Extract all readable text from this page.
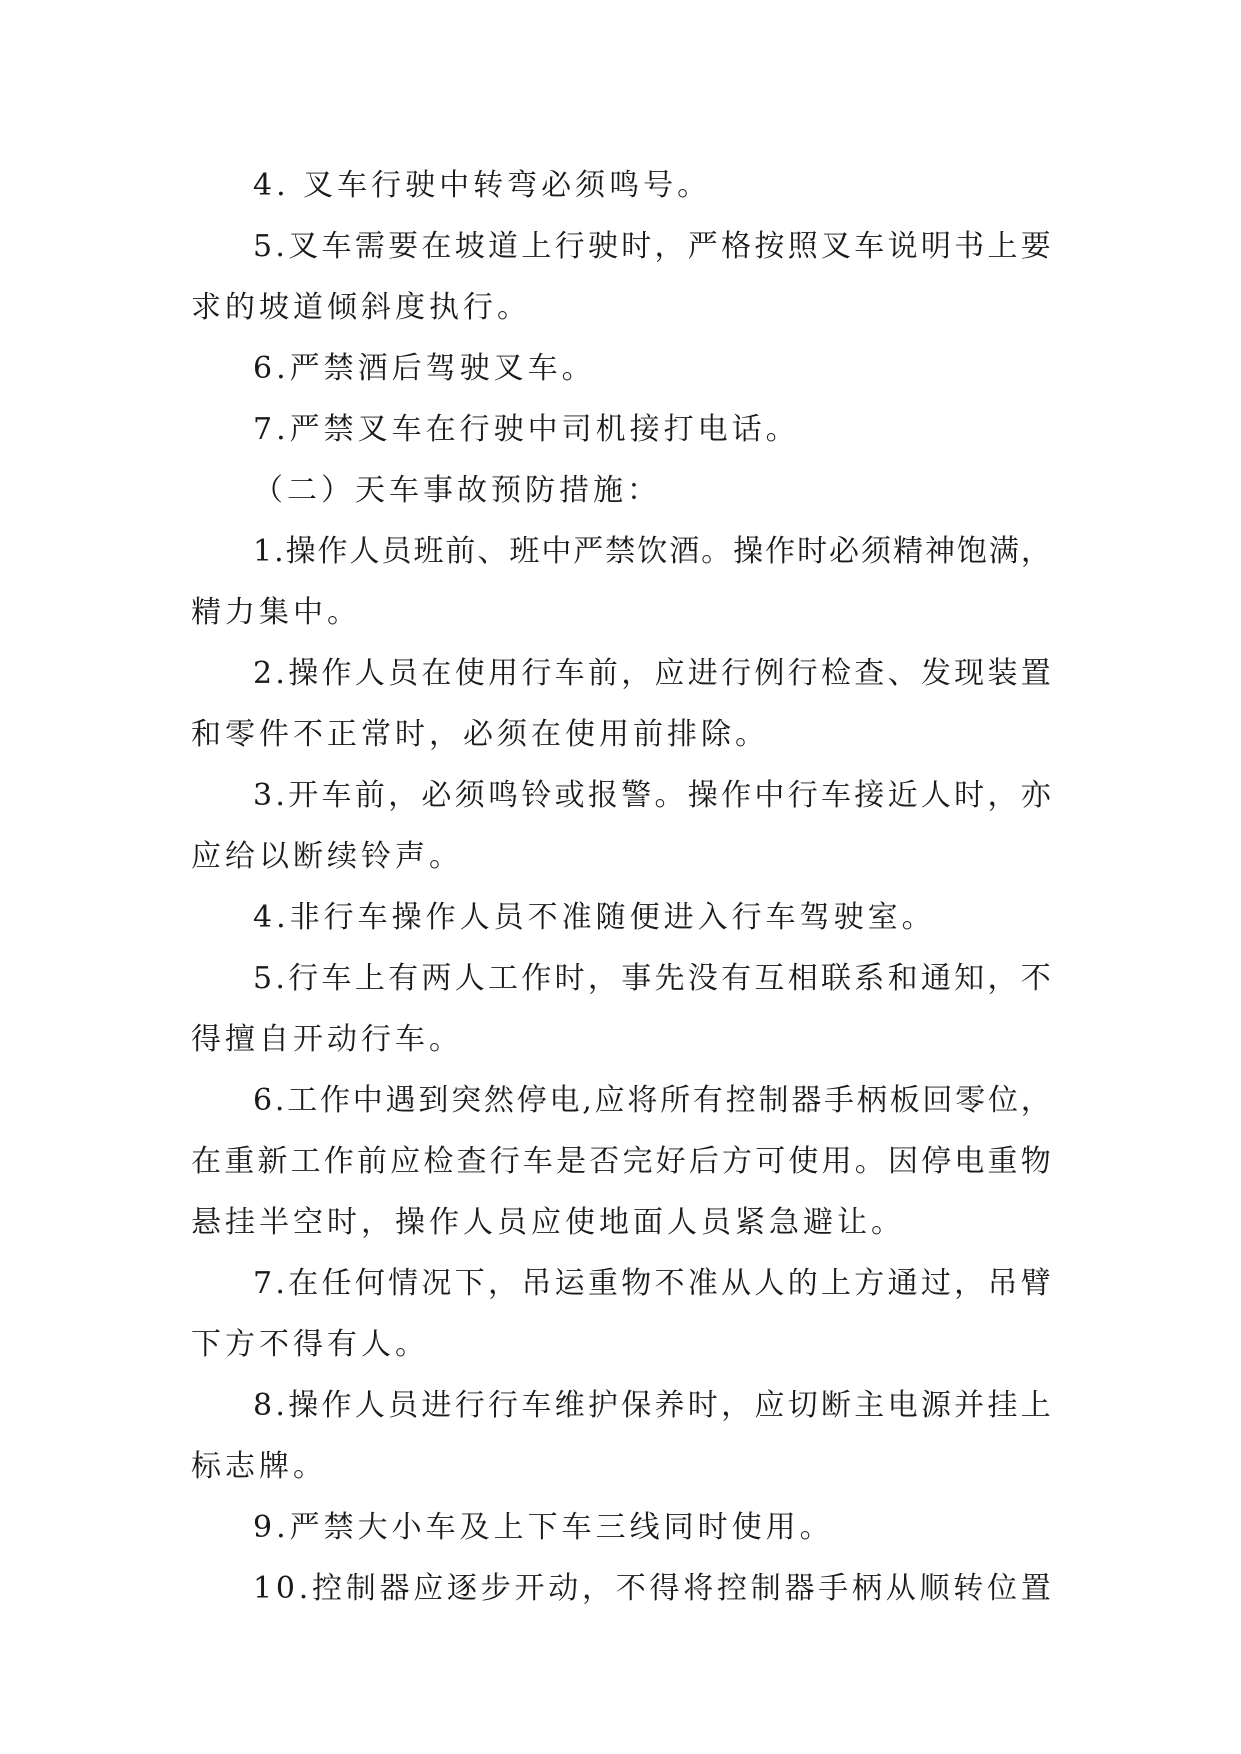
4. 叉车行驶中转弯必须鸣号。
5 . 叉 车 需 要 在 坡 道 上 行 驶 时 ， 严 格 按 照 叉 车 说 明 书 上 要
求的坡道倾斜度执行。
6.严禁酒后驾驶叉车。
7.严禁叉车在行驶中司机接打电话。
（二）天车事故预防措施：
1 . 操 作 人 员 班 前 、 班 中 严 禁 饮 酒 。 操 作 时 必 须 精 神 饱 满 ，
精力集中。
2 . 操 作 人 员 在 使 用 行 车 前 ， 应 进 行 例 行 检 查 、 发 现 装 置
和零件不正常时，必须在使用前排除。
3 . 开 车 前 ， 必 须 鸣 铃 或 报 警 。 操 作 中 行 车 接 近 人 时 ， 亦
应给以断续铃声。
4.非行车操作人员不准随便进入行车驾驶室。
5 . 行 车 上 有 两 人 工 作 时 ， 事 先 没 有 互 相 联 系 和 通 知 ， 不
得擅自开动行车。
6 . 工 作 中 遇 到 突 然 停 电 , 应 将 所 有 控 制 器 手 柄 板 回 零 位 ，
在 重 新 工 作 前 应 检 查 行 车 是 否 完 好 后 方 可 使 用 。 因 停 电 重 物
悬挂半空时，操作人员应使地面人员紧急避让。
7 . 在 任 何 情 况 下 ， 吊 运 重 物 不 准 从 人 的 上 方 通 过 ， 吊 臂
下方不得有人。
8 . 操 作 人 员 进 行 行 车 维 护 保 养 时 ， 应 切 断 主 电 源 并 挂 上
标志牌。
9.严禁大小车及上下车三线同时使用。
1 0 . 控 制 器 应 逐 步 开 动 ， 不 得 将 控 制 器 手 柄 从 顺 转 位 置
